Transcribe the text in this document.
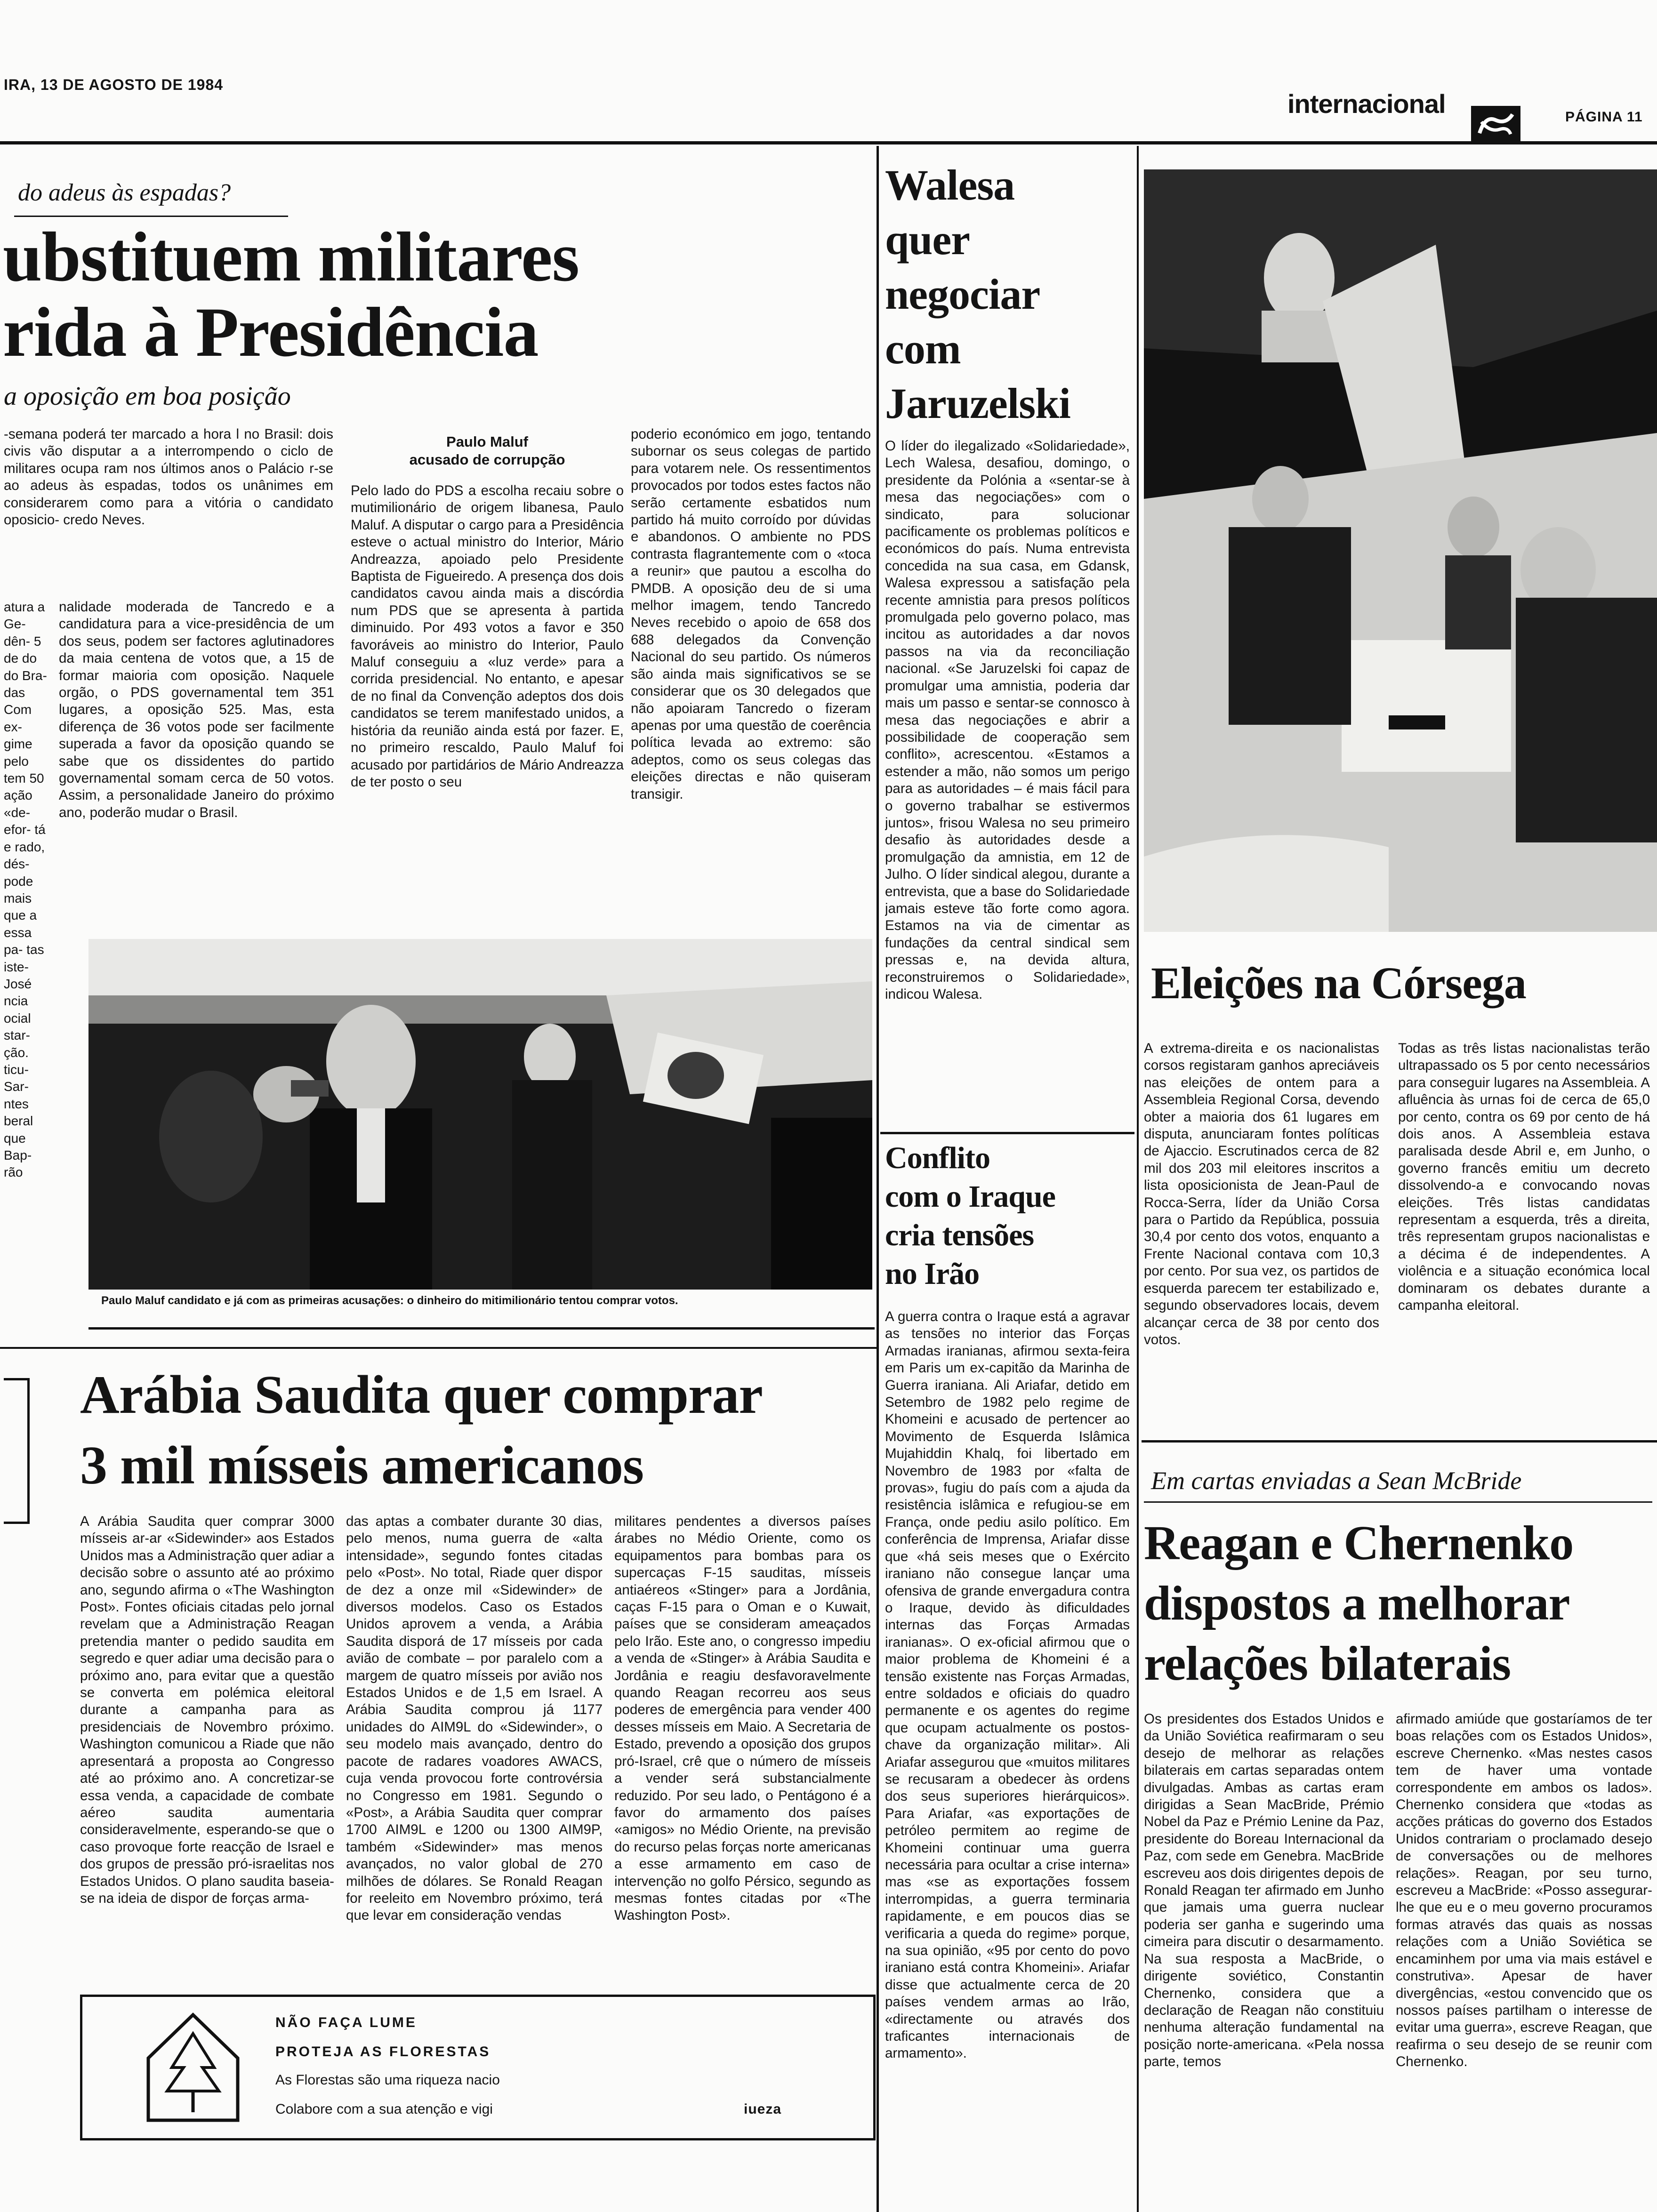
IRA, 13 DE AGOSTO DE 1984
internacional	PÁGINA 11
do adeus às espadas?
ubstituem militares
rida à Presidência
a oposição em boa posição
-semana poderá ter marcado a hora l no Brasil: dois civis vão disputar a a interrompendo o ciclo de militares ocupa ram nos últimos anos o Palácio r-se ao adeus às espadas, todos os unânimes em considerarem como para a vitória o candidato oposicio- credo Neves.
atura a Ge- dên- 5 de do do Bra- das Com ex- gime pelo tem 50 ação «de- efor- tá e rado, dés- pode mais que a essa pa- tas iste- José ncia ocial star- ção. ticu- Sar- ntes beral que Bap- rão
nalidade moderada de Tancredo e a candidatura para a vice-presidência de um dos seus, podem ser factores aglutinadores da maia centena de votos que, a 15 de formar maioria com oposição. Naquele orgão, o PDS governamental tem 351 lugares, a oposição 525. Mas, esta diferença de 36 votos pode ser facilmente superada a favor da oposição quando se sabe que os dissidentes do partido governamental somam cerca de 50 votos. Assim, a personalidade Janeiro do próximo ano, poderão mudar o Brasil.
Paulo Maluf
acusado de corrupção
Pelo lado do PDS a escolha recaiu sobre o mutimilionário de origem libanesa, Paulo Maluf. A disputar o cargo para a Presidência esteve o actual ministro do Interior, Mário Andreazza, apoiado pelo Presidente Baptista de Figueiredo. A presença dos dois candidatos cavou ainda mais a discórdia num PDS que se apresenta à partida diminuido. Por 493 votos a favor e 350 favoráveis ao ministro do Interior, Paulo Maluf conseguiu a «luz verde» para a corrida presidencial. No entanto, e apesar de no final da Convenção adeptos dos dois candidatos se terem manifestado unidos, a história da reunião ainda está por fazer. E, no primeiro rescaldo, Paulo Maluf foi acusado por partidários de Mário Andreazza de ter posto o seu
poderio económico em jogo, tentando subornar os seus colegas de partido para votarem nele. Os ressentimentos provocados por todos estes factos não serão certamente esbatidos num partido há muito corroído por dúvidas e abandonos. O ambiente no PDS contrasta flagrantemente com o «toca a reunir» que pautou a escolha do PMDB. A oposição deu de si uma melhor imagem, tendo Tancredo Neves recebido o apoio de 658 dos 688 delegados da Convenção Nacional do seu partido. Os números são ainda mais significativos se se considerar que os 30 delegados que não apoiaram Tancredo o fizeram apenas por uma questão de coerência política levada ao extremo: são adeptos, como os seus colegas das eleições directas e não quiseram transigir.
Paulo Maluf candidato e já com as primeiras acusações: o dinheiro do mitimilionário tentou comprar votos.
Walesa
quer
negociar
com
Jaruzelski
O líder do ilegalizado «Solidariedade», Lech Walesa, desafiou, domingo, o presidente da Polónia a «sentar-se à mesa das negociações» com o sindicato, para solucionar pacificamente os problemas políticos e económicos do país. Numa entrevista concedida na sua casa, em Gdansk, Walesa expressou a satisfação pela recente amnistia para presos políticos promulgada pelo governo polaco, mas incitou as autoridades a dar novos passos na via da reconciliação nacional. «Se Jaruzelski foi capaz de promulgar uma amnistia, poderia dar mais um passo e sentar-se connosco à mesa das negociações e abrir a possibilidade de cooperação sem conflito», acrescentou. «Estamos a estender a mão, não somos um perigo para as autoridades – é mais fácil para o governo trabalhar se estivermos juntos», frisou Walesa no seu primeiro desafio às autoridades desde a promulgação da amnistia, em 12 de Julho. O líder sindical alegou, durante a entrevista, que a base do Solidariedade jamais esteve tão forte como agora. Estamos na via de cimentar as fundações da central sindical sem pressas e, na devida altura, reconstruiremos o Solidariedade», indicou Walesa.
Conflito
com o Iraque
cria tensões
no Irão
A guerra contra o Iraque está a agravar as tensões no interior das Forças Armadas iranianas, afirmou sexta-feira em Paris um ex-capitão da Marinha de Guerra iraniana. Ali Ariafar, detido em Setembro de 1982 pelo regime de Khomeini e acusado de pertencer ao Movimento de Esquerda Islâmica Mujahiddin Khalq, foi libertado em Novembro de 1983 por «falta de provas», fugiu do país com a ajuda da resistência islâmica e refugiou-se em França, onde pediu asilo político. Em conferência de Imprensa, Ariafar disse que «há seis meses que o Exército iraniano não consegue lançar uma ofensiva de grande envergadura contra o Iraque, devido às dificuldades internas das Forças Armadas iranianas». O ex-oficial afirmou que o maior problema de Khomeini é a tensão existente nas Forças Armadas, entre soldados e oficiais do quadro permanente e os agentes do regime que ocupam actualmente os postos-chave da organização militar». Ali Ariafar assegurou que «muitos militares se recusaram a obedecer às ordens dos seus superiores hierárquicos». Para Ariafar, «as exportações de petróleo permitem ao regime de Khomeini continuar uma guerra necessária para ocultar a crise interna» mas «se as exportações fossem interrompidas, a guerra terminaria rapidamente, e em poucos dias se verificaria a queda do regime» porque, na sua opinião, «95 por cento do povo iraniano está contra Khomeini». Ariafar disse que actualmente cerca de 20 países vendem armas ao Irão, «directamente ou através dos traficantes internacionais de armamento».
Eleições na Córsega
A extrema-direita e os nacionalistas corsos registaram ganhos apreciáveis nas eleições de ontem para a Assembleia Regional Corsa, devendo obter a maioria dos 61 lugares em disputa, anunciaram fontes políticas de Ajaccio. Escrutinados cerca de 82 mil dos 203 mil eleitores inscritos a lista oposicionista de Jean-Paul de Rocca-Serra, líder da União Corsa para o Partido da República, possuia 30,4 por cento dos votos, enquanto a Frente Nacional contava com 10,3 por cento. Por sua vez, os partidos de esquerda parecem ter estabilizado e, segundo observadores locais, devem alcançar cerca de 38 por cento dos votos.
Todas as três listas nacionalistas terão ultrapassado os 5 por cento necessários para conseguir lugares na Assembleia. A afluência às urnas foi de cerca de 65,0 por cento, contra os 69 por cento de há dois anos. A Assembleia estava paralisada desde Abril e, em Junho, o governo francês emitiu um decreto dissolvendo-a e convocando novas eleições. Três listas candidatas representam a esquerda, três a direita, três representam grupos nacionalistas e a décima é de independentes. A violência e a situação económica local dominaram os debates durante a campanha eleitoral.
Em cartas enviadas a Sean McBride
Reagan e Chernenko
dispostos a melhorar
relações bilaterais
Os presidentes dos Estados Unidos e da União Soviética reafirmaram o seu desejo de melhorar as relações bilaterais em cartas separadas ontem divulgadas. Ambas as cartas eram dirigidas a Sean MacBride, Prémio Nobel da Paz e Prémio Lenine da Paz, presidente do Boreau Internacional da Paz, com sede em Genebra. MacBride escreveu aos dois dirigentes depois de Ronald Reagan ter afirmado em Junho que jamais uma guerra nuclear poderia ser ganha e sugerindo uma cimeira para discutir o desarmamento. Na sua resposta a MacBride, o dirigente soviético, Constantin Chernenko, considera que a declaração de Reagan não constituiu nenhuma alteração fundamental na posição norte-americana. «Pela nossa parte, temos
afirmado amiúde que gostaríamos de ter boas relações com os Estados Unidos», escreve Chernenko. «Mas nestes casos tem de haver uma vontade correspondente em ambos os lados». Chernenko considera que «todas as acções práticas do governo dos Estados Unidos contrariam o proclamado desejo de conversações ou de melhores relações». Reagan, por seu turno, escreveu a MacBride: «Posso assegurar-lhe que eu e o meu governo procuramos formas através das quais as nossas relações com a União Soviética se encaminhem por uma via mais estável e construtiva». Apesar de haver divergências, «estou convencido que os nossos países partilham o interesse de evitar uma guerra», escreve Reagan, que reafirma o seu desejo de se reunir com Chernenko.
Arábia Saudita quer comprar
3 mil mísseis americanos
A Arábia Saudita quer comprar 3000 mísseis ar-ar «Sidewinder» aos Estados Unidos mas a Administração quer adiar a decisão sobre o assunto até ao próximo ano, segundo afirma o «The Washington Post». Fontes oficiais citadas pelo jornal revelam que a Administração Reagan pretendia manter o pedido saudita em segredo e quer adiar uma decisão para o próximo ano, para evitar que a questão se converta em polémica eleitoral durante a campanha para as presidenciais de Novembro próximo. Washington comunicou a Riade que não apresentará a proposta ao Congresso até ao próximo ano. A concretizar-se essa venda, a capacidade de combate aéreo saudita aumentaria consideravelmente, esperando-se que o caso provoque forte reacção de Israel e dos grupos de pressão pró-israelitas nos Estados Unidos. O plano saudita baseia-se na ideia de dispor de forças arma-
das aptas a combater durante 30 dias, pelo menos, numa guerra de «alta intensidade», segundo fontes citadas pelo «Post». No total, Riade quer dispor de dez a onze mil «Sidewinder» de diversos modelos. Caso os Estados Unidos aprovem a venda, a Arábia Saudita disporá de 17 mísseis por cada avião de combate – por paralelo com a margem de quatro mísseis por avião nos Estados Unidos e de 1,5 em Israel. A Arábia Saudita comprou já 1177 unidades do AIM9L do «Sidewinder», o seu modelo mais avançado, dentro do pacote de radares voadores AWACS, cuja venda provocou forte controvérsia no Congresso em 1981. Segundo o «Post», a Arábia Saudita quer comprar 1700 AIM9L e 1200 ou 1300 AIM9P, também «Sidewinder» mas menos avançados, no valor global de 270 milhões de dólares. Se Ronald Reagan for reeleito em Novembro próximo, terá que levar em consideração vendas
militares pendentes a diversos países árabes no Médio Oriente, como os equipamentos para bombas para os supercaças F-15 sauditas, mísseis antiaéreos «Stinger» para a Jordânia, caças F-15 para o Oman e o Kuwait, países que se consideram ameaçados pelo Irão. Este ano, o congresso impediu a venda de «Stinger» à Arábia Saudita e Jordânia e reagiu desfavoravelmente quando Reagan recorreu aos seus poderes de emergência para vender 400 desses mísseis em Maio. A Secretaria de Estado, prevendo a oposição dos grupos pró-Israel, crê que o número de mísseis a vender será substancialmente reduzido. Por seu lado, o Pentágono é a favor do armamento dos países «amigos» no Médio Oriente, na previsão do recurso pelas forças norte americanas a esse armamento em caso de intervenção no golfo Pérsico, segundo as mesmas fontes citadas por «The Washington Post».
NÃO FAÇA LUME
PROTEJA AS FLORESTAS
As Florestas são uma riqueza nacio
Colabore com a sua atenção e vigi	iueza
